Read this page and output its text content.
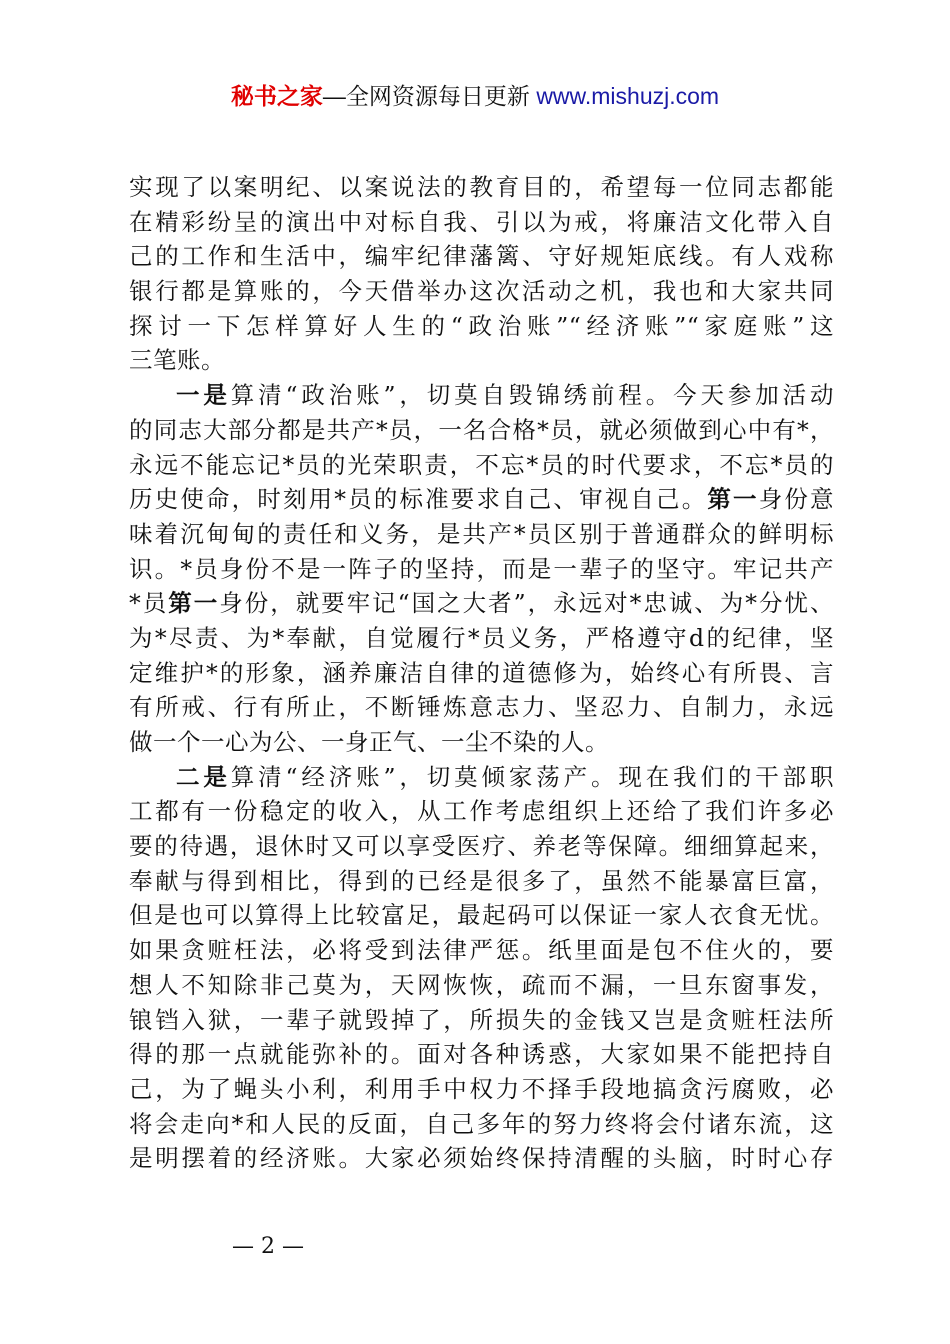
秘书之家—全网资源每日更新 www.mishuzj.com
实现了以案明纪、以案说法的教育目的，希望每一位同志都能
在精彩纷呈的演出中对标自我、引以为戒，将廉洁文化带入自
己的工作和生活中，编牢纪律藩篱、守好规矩底线。有人戏称
银行都是算账的，今天借举办这次活动之机，我也和大家共同
探讨一下怎样算好人生的“政治账”“经济账”“家庭账”这
三笔账。
一是算清“政治账”，切莫自毁锦绣前程。今天参加活动
的同志大部分都是共产*员，一名合格*员，就必须做到心中有*，
永远不能忘记*员的光荣职责，不忘*员的时代要求，不忘*员的
历史使命，时刻用*员的标准要求自己、审视自己。第一身份意
味着沉甸甸的责任和义务，是共产*员区别于普通群众的鲜明标
识。*员身份不是一阵子的坚持，而是一辈子的坚守。牢记共产
*员第一身份，就要牢记“国之大者”，永远对*忠诚、为*分忧、
为*尽责、为*奉献，自觉履行*员义务，严格遵守d的纪律，坚
定维护*的形象，涵养廉洁自律的道德修为，始终心有所畏、言
有所戒、行有所止，不断锤炼意志力、坚忍力、自制力，永远
做一个一心为公、一身正气、一尘不染的人。
二是算清“经济账”，切莫倾家荡产。现在我们的干部职
工都有一份稳定的收入，从工作考虑组织上还给了我们许多必
要的待遇，退休时又可以享受医疗、养老等保障。细细算起来，
奉献与得到相比，得到的已经是很多了，虽然不能暴富巨富，
但是也可以算得上比较富足，最起码可以保证一家人衣食无忧。
如果贪赃枉法，必将受到法律严惩。纸里面是包不住火的，要
想人不知除非己莫为，天网恢恢，疏而不漏，一旦东窗事发，
锒铛入狱，一辈子就毁掉了，所损失的金钱又岂是贪赃枉法所
得的那一点就能弥补的。面对各种诱惑，大家如果不能把持自
己，为了蝇头小利，利用手中权力不择手段地搞贪污腐败，必
将会走向*和人民的反面，自己多年的努力终将会付诸东流，这
是明摆着的经济账。大家必须始终保持清醒的头脑，时时心存
— 2 —
